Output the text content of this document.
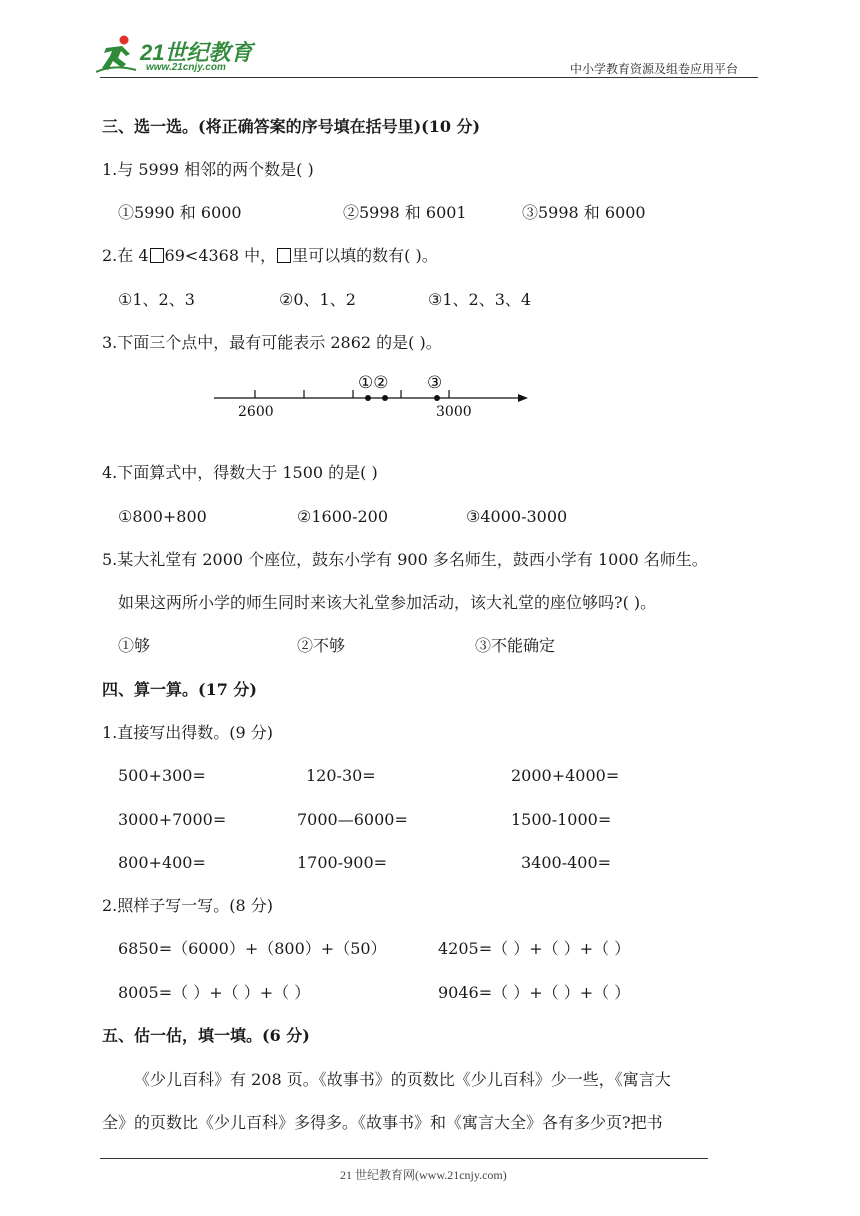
21世纪教育
www.21cnjy.com	中小学教育资源及组卷应用平台
三、选一选。(将正确答案的序号填在括号里)(10 分)
1.与 5999 相邻的两个数是( )
①5990 和 6000	②5998 和 6001	③5998 和 6000
2.在 4 69<4368 中， 里可以填的数有( )。
①1、2、3	②0、1、2	③1、2、3、4
3.下面三个点中，最有可能表示 2862 的是( )。
①② ③
2600	3000
4.下面算式中，得数大于 1500 的是( )
①800+800	②1600-200	③4000-3000
5.某大礼堂有 2000 个座位，鼓东小学有 900 多名师生，鼓西小学有 1000 名师生。
如果这两所小学的师生同时来该大礼堂参加活动，该大礼堂的座位够吗?( )。
①够	②不够	③不能确定
四、算一算。(17 分)
1.直接写出得数。(9 分)
500+300=	120-30=	2000+4000=
3000+7000=	7000—6000=	1500-1000=
800+400=	1700-900=	3400-400=
2.照样子写一写。(8 分)
6850=（6000）+（800）+（50）	4205=（ ）+（ ）+（ ）
8005=（ ）+（ ）+（ ）	9046=（ ）+（ ）+（ ）
五、估一估，填一填。(6 分)
《少儿百科》有 208 页。《故事书》的页数比《少儿百科》少一些，《寓言大
全》的页数比《少儿百科》多得多。《故事书》和《寓言大全》各有多少页?把书
21 世纪教育网(www.21cnjy.com)
